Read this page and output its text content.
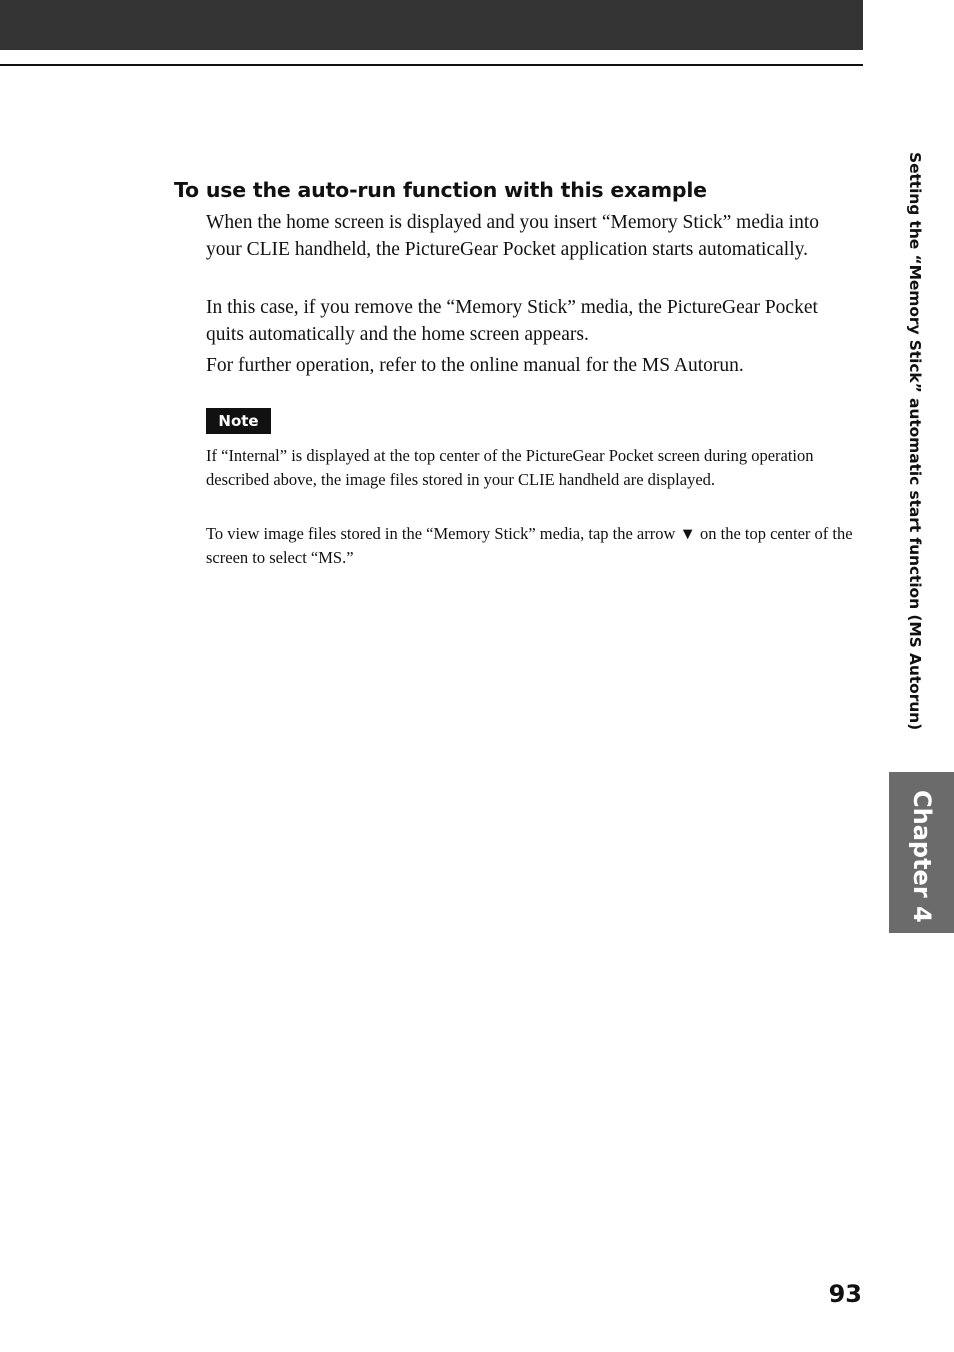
To use the auto-run function with this example

When the home screen is displayed and you insert “Memory Stick” media into your CLIE handheld, the PictureGear Pocket application starts automatically.

In this case, if you remove the “Memory Stick” media, the PictureGear Pocket quits automatically and the home screen appears.

For further operation, refer to the online manual for the MS Autorun.

Note

If “Internal” is displayed at the top center of the PictureGear Pocket screen during operation described above, the image files stored in your CLIE handheld are displayed.

To view image files stored in the “Memory Stick” media, tap the arrow ▼ on the top center of the screen to select “MS.”	Setting the “Memory Stick” automatic start function (MS Autorun)
Chapter 4
93
